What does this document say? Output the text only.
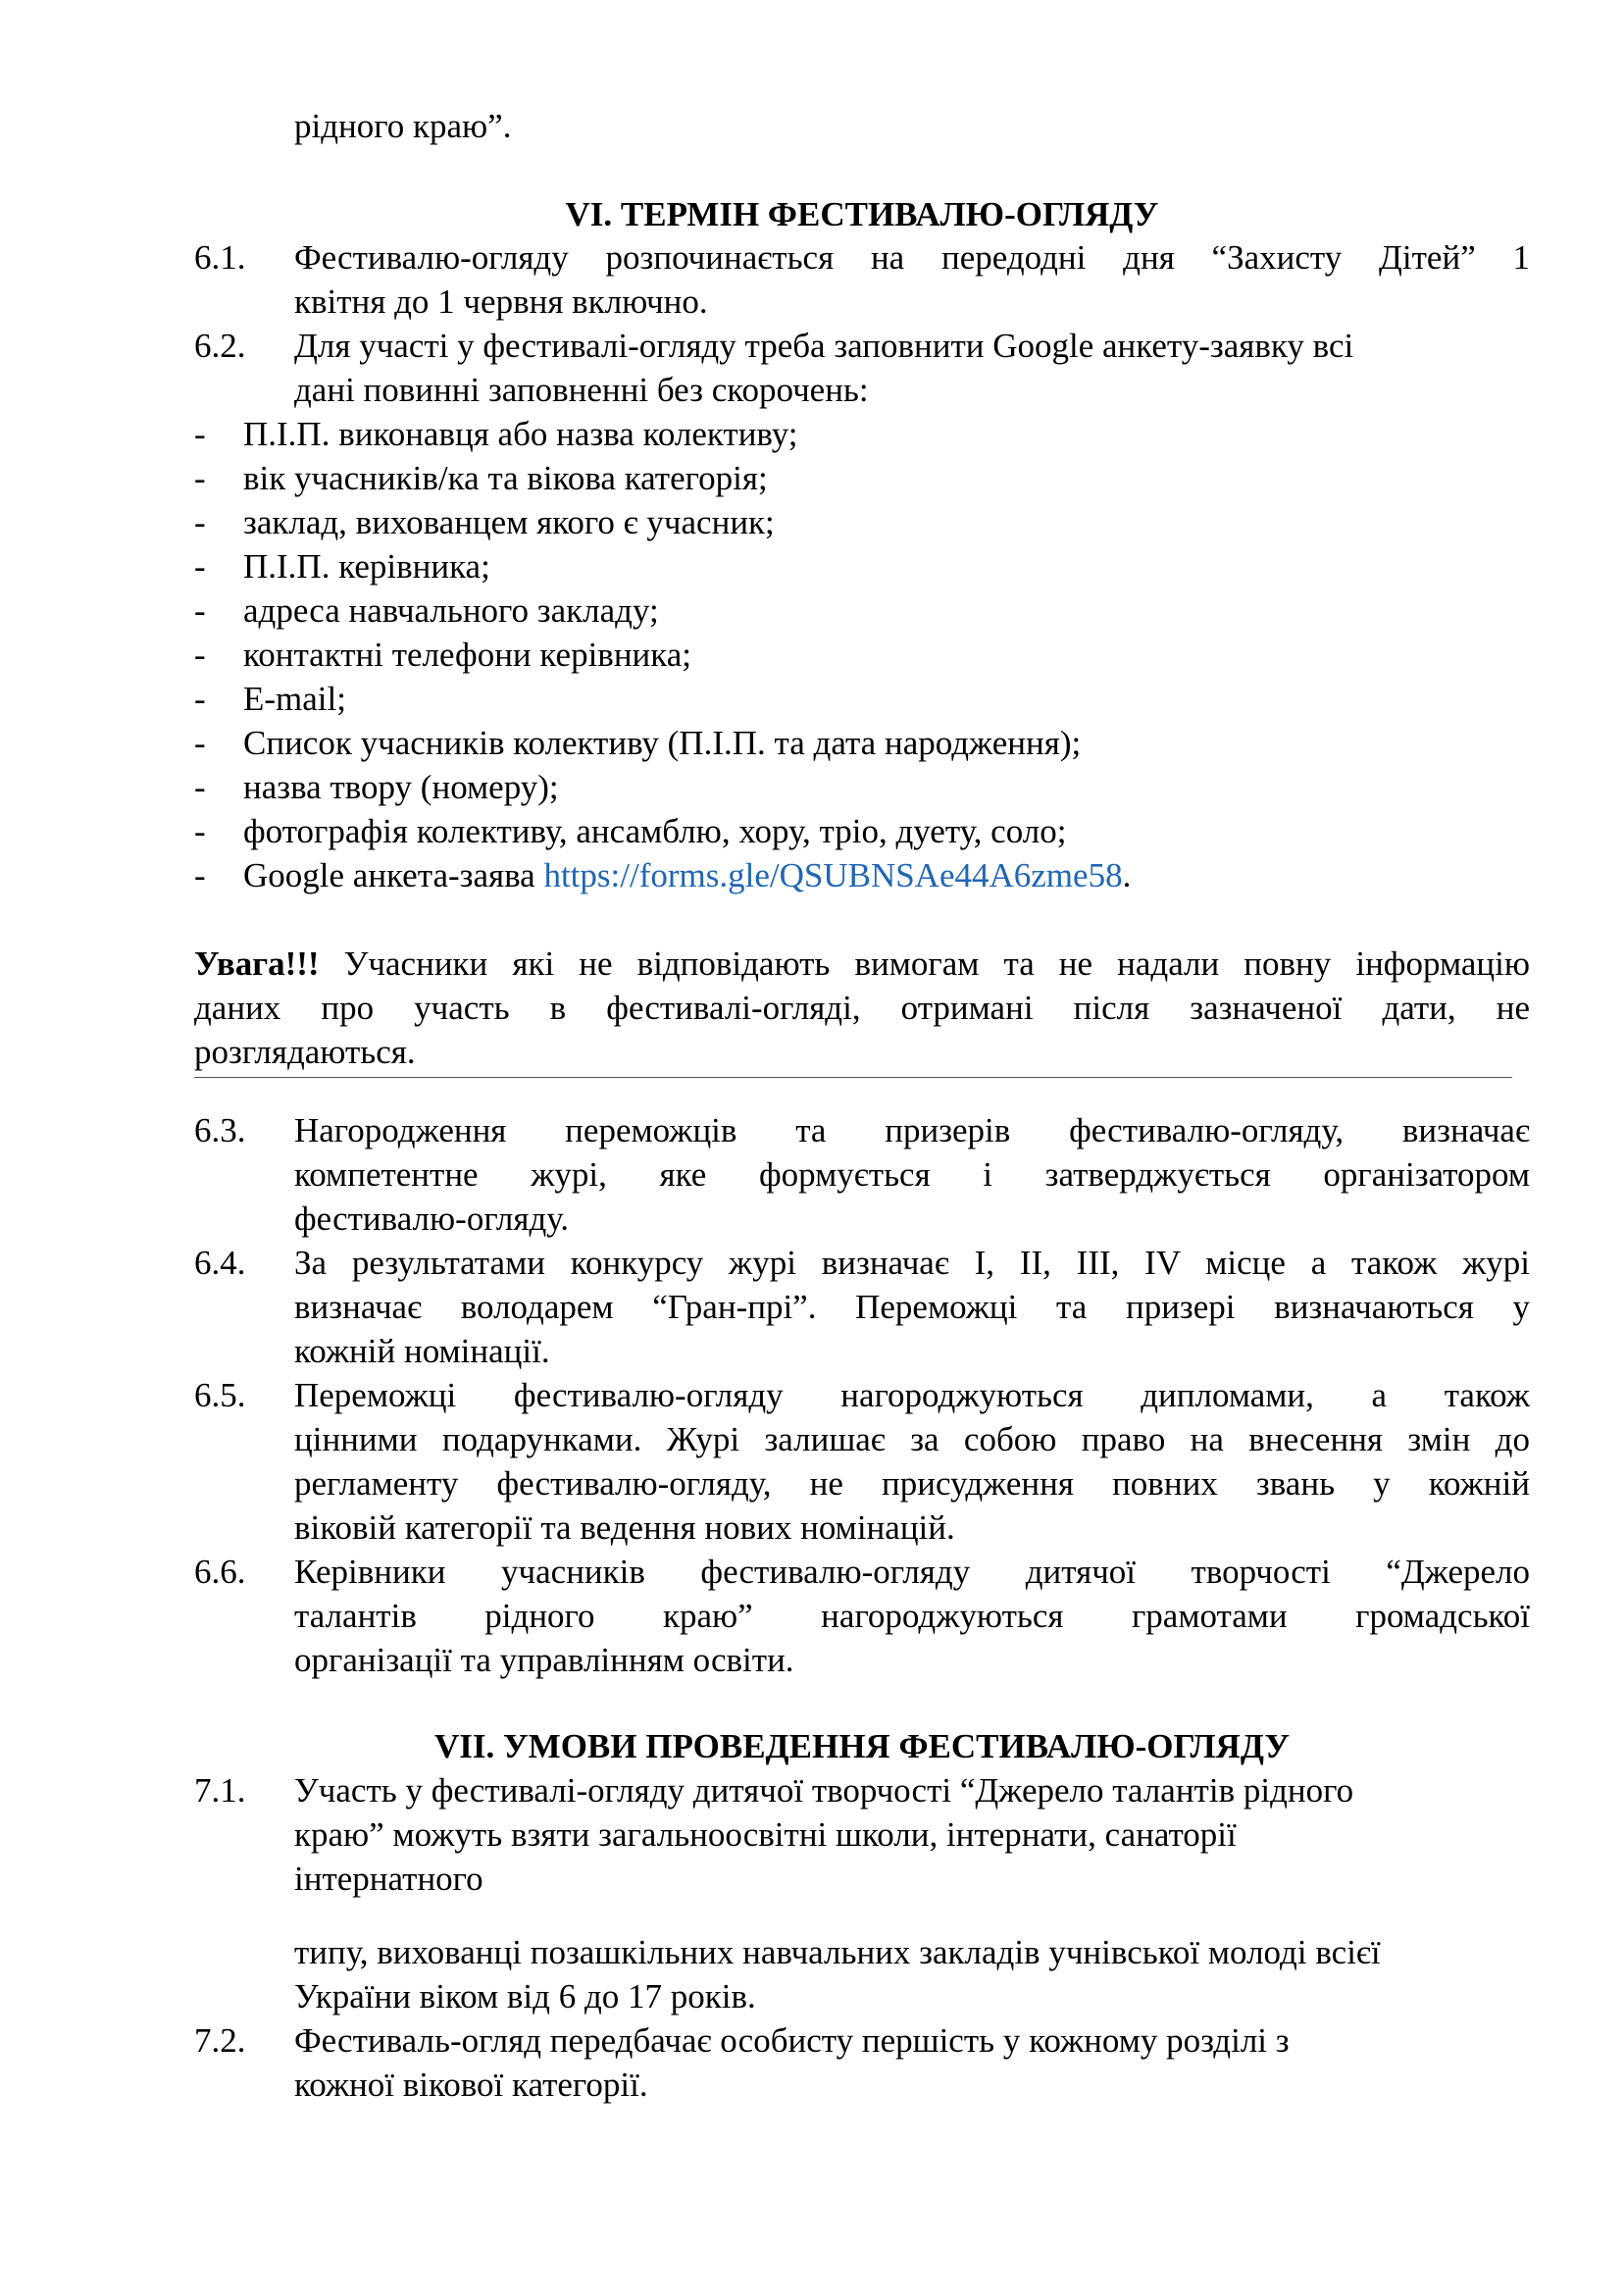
рідного краю”.

VI. ТЕРМІН ФЕСТИВАЛЮ-ОГЛЯДУ

6.1.	Фестивалю-огляду розпочинається на передодні дня “Захисту Дітей” 1

квітня до 1 червня включно.

6.2.	Для участі у фестивалі-огляду треба заповнити Google анкету-заявку всі

дані повинні заповненні без скорочень:

-	П.І.П. виконавця або назва колективу;

-	вік учасників/ка та вікова категорія;

-	заклад, вихованцем якого є учасник;

-	П.І.П. керівника;

-	адреса навчального закладу;

-	контактні телефони керівника;

-	E-mail;

-	Список учасників колективу (П.І.П. та дата народження);

-	назва твору (номеру);

-	фотографія колективу, ансамблю, хору, тріо, дуету, соло;

-	Google анкета-заява https://forms.gle/QSUBNSAe44A6zme58.

Увага!!! Учасники які не відповідають вимогам та не надали повну інформацію

даних про участь в фестивалі-огляді, отримані після зазначеної дати, не

розглядаються.

6.3.	Нагородження переможців та призерів фестивалю-огляду, визначає

компетентне журі, яке формується і затверджується організатором

фестивалю-огляду.

6.4.	За результатами конкурсу журі визначає І, ІІ, ІІІ, IV місце а також журі

визначає володарем “Гран-прі”. Переможці та призері визначаються у

кожній номінації.

6.5.	Переможці фестивалю-огляду нагороджуються дипломами, а також

цінними подарунками. Журі залишає за собою право на внесення змін до

регламенту фестивалю-огляду, не присудження повних звань у кожній

віковій категорії та ведення нових номінацій.

6.6.	Керівники учасників фестивалю-огляду дитячої творчості “Джерело

талантів рідного краю” нагороджуються грамотами громадської

організації та управлінням освіти.

VII. УМОВИ ПРОВЕДЕННЯ ФЕСТИВАЛЮ-ОГЛЯДУ

7.1.	Участь у фестивалі-огляду дитячої творчості “Джерело талантів рідного

краю” можуть взяти загальноосвітні школи, інтернати, санаторії

інтернатного

типу, вихованці позашкільних навчальних закладів учнівської молоді всієї

України віком від 6 до 17 років.

7.2.	Фестиваль-огляд передбачає особисту першість у кожному розділі з

кожної вікової категорії.
